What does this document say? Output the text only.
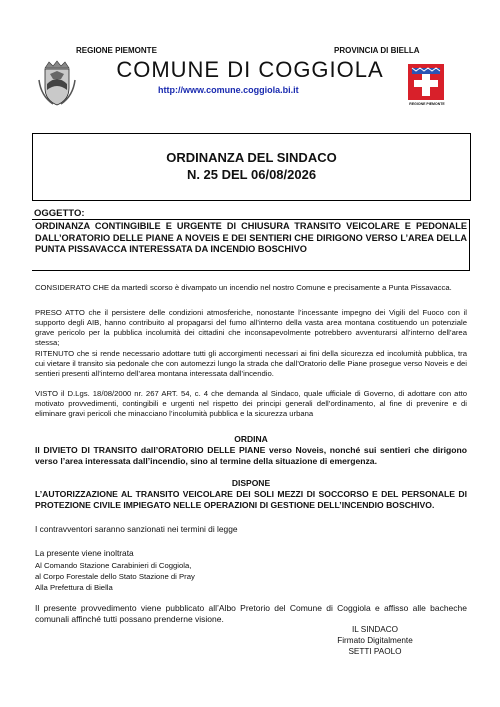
REGIONE PIEMONTE	PROVINCIA DI BIELLA
COMUNE DI COGGIOLA
http://www.comune.coggiola.bi.it
REGIONE PIEMONTE
ORDINANZA DEL SINDACO
N. 25 DEL 06/08/2026
OGGETTO:
ORDINANZA CONTINGIBILE E URGENTE DI CHIUSURA TRANSITO VEICOLARE E PEDONALE DALL’ORATORIO DELLE PIANE A NOVEIS E DEI SENTIERI CHE DIRIGONO VERSO L’AREA DELLA PUNTA PISSAVACCA INTERESSATA DA INCENDIO BOSCHIVO
CONSIDERATO CHE da martedì scorso è divampato un incendio nel nostro Comune e precisamente a Punta Pissavacca.
PRESO ATTO che il persistere delle condizioni atmosferiche, nonostante l’incessante impegno dei Vigili del Fuoco con il supporto degli AIB, hanno contribuito al propagarsi del fumo all’interno della vasta area montana costituendo un potenziale grave pericolo per la pubblica incolumità dei cittadini che inconsapevolmente potrebbero avventurarsi all’interno dell’area stessa;
RITENUTO che si rende necessario adottare tutti gli accorgimenti necessari ai fini della sicurezza ed incolumità pubblica, tra cui vietare il transito sia pedonale che con automezzi lungo la strada che dall’Oratorio delle Piane prosegue verso Noveis e dei sentieri presenti all’interno dell’area montana interessata dall’incendio.
VISTO il D.Lgs. 18/08/2000 nr. 267 ART. 54, c. 4 che demanda al Sindaco, quale ufficiale di Governo, di adottare con atto motivato provvedimenti, contingibili e urgenti nel rispetto dei principi generali dell’ordinamento, al fine di prevenire e di eliminare gravi pericoli che minacciano l’incolumità pubblica e la sicurezza urbana
ORDINA
Il DIVIETO DI TRANSITO dall’ORATORIO DELLE PIANE verso Noveis, nonché sui sentieri che dirigono verso l’area interessata dall’incendio, sino al termine della situazione di emergenza.
DISPONE
L’AUTORIZZAZIONE AL TRANSITO VEICOLARE DEI SOLI MEZZI DI SOCCORSO E DEL PERSONALE DI PROTEZIONE CIVILE IMPIEGATO NELLE OPERAZIONI DI GESTIONE DELL’INCENDIO BOSCHIVO.
I contravventori saranno sanzionati nei termini di legge
La presente viene inoltrata
Al Comando Stazione Carabinieri di Coggiola,
al Corpo Forestale dello Stato Stazione di Pray
Alla Prefettura di Biella
Il presente provvedimento viene pubblicato all’Albo Pretorio del Comune di Coggiola e affisso alle bacheche comunali affinché tutti possano prenderne visione.
IL SINDACO
Firmato Digitalmente
SETTI PAOLO
